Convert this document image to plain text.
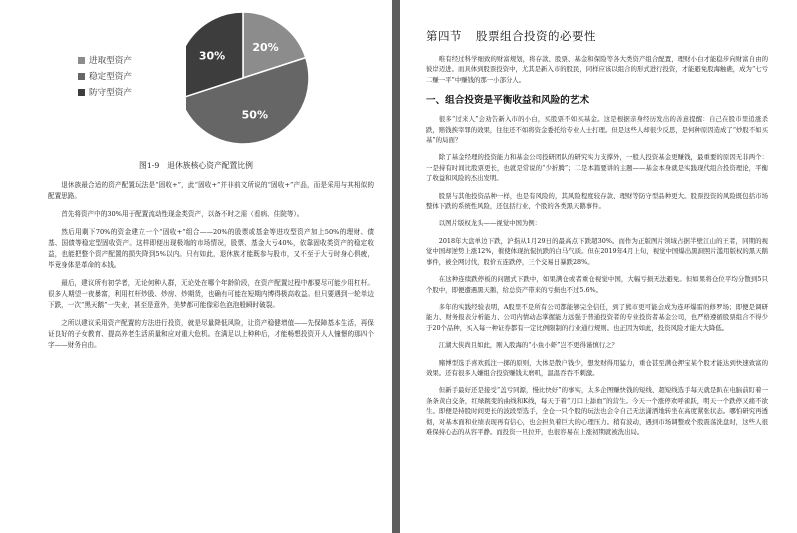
进取型资产
稳定型资产
防守型资产
20%
50%
30%
图1-9　退休族核心资产配置比例

退休族最合适的资产配置玩法是“固收+”，此“固收+”并非前文所说的“固收+”产品，而是采用与其相似的配置思路。

首先将资产中的30%用于配置流动性现金类资产，以备不时之需（看病、住院等）。

然后用剩下70%的资金建立一个“固收+”组合——20%的股票或基金等进攻型资产加上50%的理财、债基、国债等稳定型固收资产。这样即便出现极端的市场情况，股票、基金大亏40%，依靠固收类资产的稳定收益，也能把整个资产配置的损失降到5%以内。只有如此，退休族才能既参与股市，又不至于大亏时身心俱疲，毕竟身体是革命的本钱。

最后，建议所有初学者，无论何种人群，无论处在哪个年龄阶段，在资产配置过程中都要尽可能少用杠杆。很多人期望一夜暴富，利用杠杆炒股、炒房、炒期货，也确有可能在短期内博得极高收益。但只要遇到一轮单边下跌，一次“黑天鹅”一失业，甚至是意外，美梦都可能像彩色泡泡般瞬时破裂。

之所以建议采用资产配置的方法进行投资，就是尽量降低风险，让资产稳健增值——先保障基本生活，再保证良好的子女教育、提高养老生活质量和应对重大危机。在满足以上种种后，才能畅想投资开人人憧憬的那四个字——财务自由。

第四节 股票组合投资的必要性

唯有经过科学细致的财富规划，将存款、股票、基金和保险等各大类资产组合配置，理财小白才能稳步向财富自由的彼岸迈进。而具体到股票投资中，尤其是新入市的股民，同样应该以组合的形式进行投资，才能避免股海触礁，成为“七亏二赚一平”中赚钱的那一小部分人。

一、组合投资是平衡收益和风险的艺术

很多“过来人”会劝告新入市的小白，买股票不如买基金。这是根据亲身经历发出的善意提醒：自己在股市里追涨杀跌，赔钱挨宰罪的效果，往往还不如将资金委托给专业人士打理。但是这些人却很少反思，是何种原因造成了“炒股不如买基”的局面？

除了基金经理的投资能力和基金公司投研团队的研究实力支撑外，一般人投资基金更赚钱，最重要的原因无非两个：一是持有时间比股票更长，也就是常说的“少折腾”；二是本篇要讲的主题——基金本身就是实践现代组合投资理论，平衡了收益和风险的杰出发明。

股票与其他投资品种一样，也是有风险的，其风险程度较存款、理财等防守型品种更大。股票投资的风险既包括市场整体下跌的系统性风险，还包括行业、个股的各类黑天鹅事件。

以图片版权龙头——视觉中国为例：

2018年大盘单边下跌，沪指从1月29日的最高点下跌超30%。而作为正版图片领域占据半壁江山的王者，同期的视觉中国却逆势上涨12%，催使体现抗侃抗跌的白马气质。但在2019年4月上旬，视觉中国爆出黑洞照片滥用版权的黑天鹅事件，被全网讨伐，股价五连跌停，三个交易日暴跌28%。

在这种连续跌停板的问题式下跌中，如果满仓或者重仓视觉中国，大幅亏损无法避免。但如果将仓位平均分散到5只个股中，即便遭遇黑天鹅，给总资产带来的亏损也不过5.6%。

多年的实践经验表明，A股里不是所有公司都能够完全信任，到了熊市更可能会成为连环爆雷的修罗场；即便是调研能力、财务报表分析能力、公司内情动态掌握能力远强于普通投资者的专业投资者基金公司，也严格遵循股票组合不得少于20个品种，买入每一种证券都有一定比例限制的行业通行规则。也正因为如此，投资风险才能大大降低。

江湖大侠尚且如此，刚入股海的“小鱼小虾”岂不更得谨慎行之？

赌博型选手喜欢孤注一掷的原则，大体是散户钱少，想发财得用猛力，重仓甚至满仓押宝某个股才能达到快速致富的效果。还有很多人嫌组合投资赚钱太磨叽，温温吞吞不刺激。

但新手最好还是接受“盖亏同源，慢比快好”的事实，太多企图赚快钱的短线、超短线选手每天就是趴在电脑前盯着一条条黄白交条，红绿跳变的曲线和K线，每天于着“刀口上舔血”的营生。今天一个涨停欢呼雀跃，明天一个跌停又痛不欲生。即便是持股时间更长的波段型选手，全仓一只个股的玩法也会令自己无法潇洒地转坐在高度紧张状态。哪怕研究再透彻，对基本面和业绩表现再有信心，也会担负着巨大的心理压力。稍有波动，遇到市场调整或个股震荡洗盘时，这些人很难保持心态的从容平静。而投资一旦拉开，也很容易在上涨初期就被洗出局。
